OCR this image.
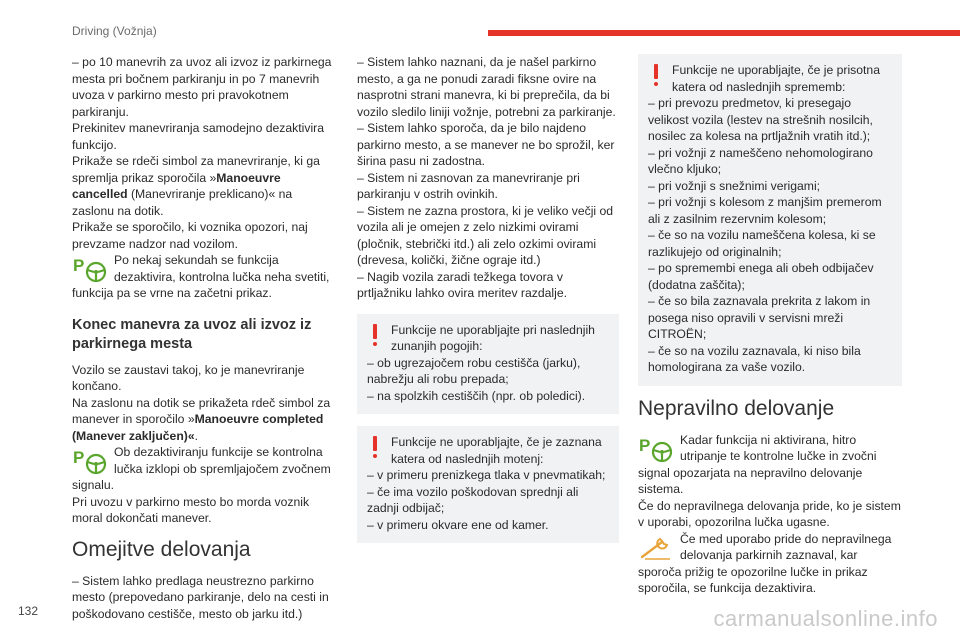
Driving (Vožnja)

– po 10 manevrih za uvoz ali izvoz iz parkirnega mesta pri bočnem parkiranju in po 7 manevrih uvoza v parkirno mesto pri pravokotnem parkiranju.

Prekinitev manevriranja samodejno dezaktivira funkcijo.

Prikaže se rdeči simbol za manevriranje, ki ga spremlja prikaz sporočila »Manoeuvre cancelled (Manevriranje preklicano)« na zaslonu na dotik.

Prikaže se sporočilo, ki voznika opozori, naj prevzame nadzor nad vozilom.

P Po nekaj sekundah se funkcija dezaktivira, kontrolna lučka neha svetiti, funkcija pa se vrne na začetni prikaz.
Konec manevra za uvoz ali izvoz iz parkirnega mesta

Vozilo se zaustavi takoj, ko je manevriranje končano.

Na zaslonu na dotik se prikažeta rdeč simbol za manever in sporočilo »Manoeuvre completed (Manever zaključen)«.

P Ob dezaktiviranju funkcije se kontrolna lučka izklopi ob spremljajočem zvočnem signalu.

Pri uvozu v parkirno mesto bo morda voznik moral dokončati manever.

Omejitve delovanja

– Sistem lahko predlaga neustrezno parkirno mesto (prepovedano parkiranje, delo na cesti in poškodovano cestišče, mesto ob jarku itd.)

– Sistem lahko naznani, da je našel parkirno mesto, a ga ne ponudi zaradi fiksne ovire na nasprotni strani manevra, ki bi preprečila, da bi vozilo sledilo liniji vožnje, potrebni za parkiranje.

– Sistem lahko sporoča, da je bilo najdeno parkirno mesto, a se manever ne bo sprožil, ker širina pasu ni zadostna.

– Sistem ni zasnovan za manevriranje pri parkiranju v ostrih ovinkih.

– Sistem ne zazna prostora, ki je veliko večji od vozila ali je omejen z zelo nizkimi ovirami (pločnik, stebrički itd.) ali zelo ozkimi ovirami (drevesa, količki, žične ograje itd.)

– Nagib vozila zaradi težkega tovora v prtljažniku lahko ovira meritev razdalje.

Funkcije ne uporabljajte pri naslednjih zunanjih pogojih:

– ob ugrezajočem robu cestišča (jarku), nabrežju ali robu prepada;

– na spolzkih cestiščih (npr. ob poledici).

Funkcije ne uporabljajte, če je zaznana katera od naslednjih motenj:

– v primeru prenizkega tlaka v pnevmatikah;

– če ima vozilo poškodovan sprednji ali zadnji odbijač;

– v primeru okvare ene od kamer.

Funkcije ne uporabljajte, če je prisotna katera od naslednjih sprememb:

– pri prevozu predmetov, ki presegajo velikost vozila (lestev na strešnih nosilcih, nosilec za kolesa na prtljažnih vratih itd.);

– pri vožnji z nameščeno nehomologirano vlečno kljuko;

– pri vožnji s snežnimi verigami;

– pri vožnji s kolesom z manjšim premerom ali z zasilnim rezervnim kolesom;

– če so na vozilu nameščena kolesa, ki se razlikujejo od originalnih;

– po spremembi enega ali obeh odbijačev (dodatna zaščita);

– če so bila zaznavala prekrita z lakom in posega niso opravili v servisni mreži CITROËN;

– če so na vozilu zaznavala, ki niso bila homologirana za vaše vozilo.

Nepravilno delovanje
P Kadar funkcija ni aktivirana, hitro utripanje te kontrolne lučke in zvočni signal opozarjata na nepravilno delovanje sistema.

Če do nepravilnega delovanja pride, ko je sistem v uporabi, opozorilna lučka ugasne.

Če med uporabo pride do nepravilnega delovanja parkirnih zaznaval, kar sporoča prižig te opozorilne lučke in prikaz sporočila, se funkcija dezaktivira.
132	carmanualsonline.info
